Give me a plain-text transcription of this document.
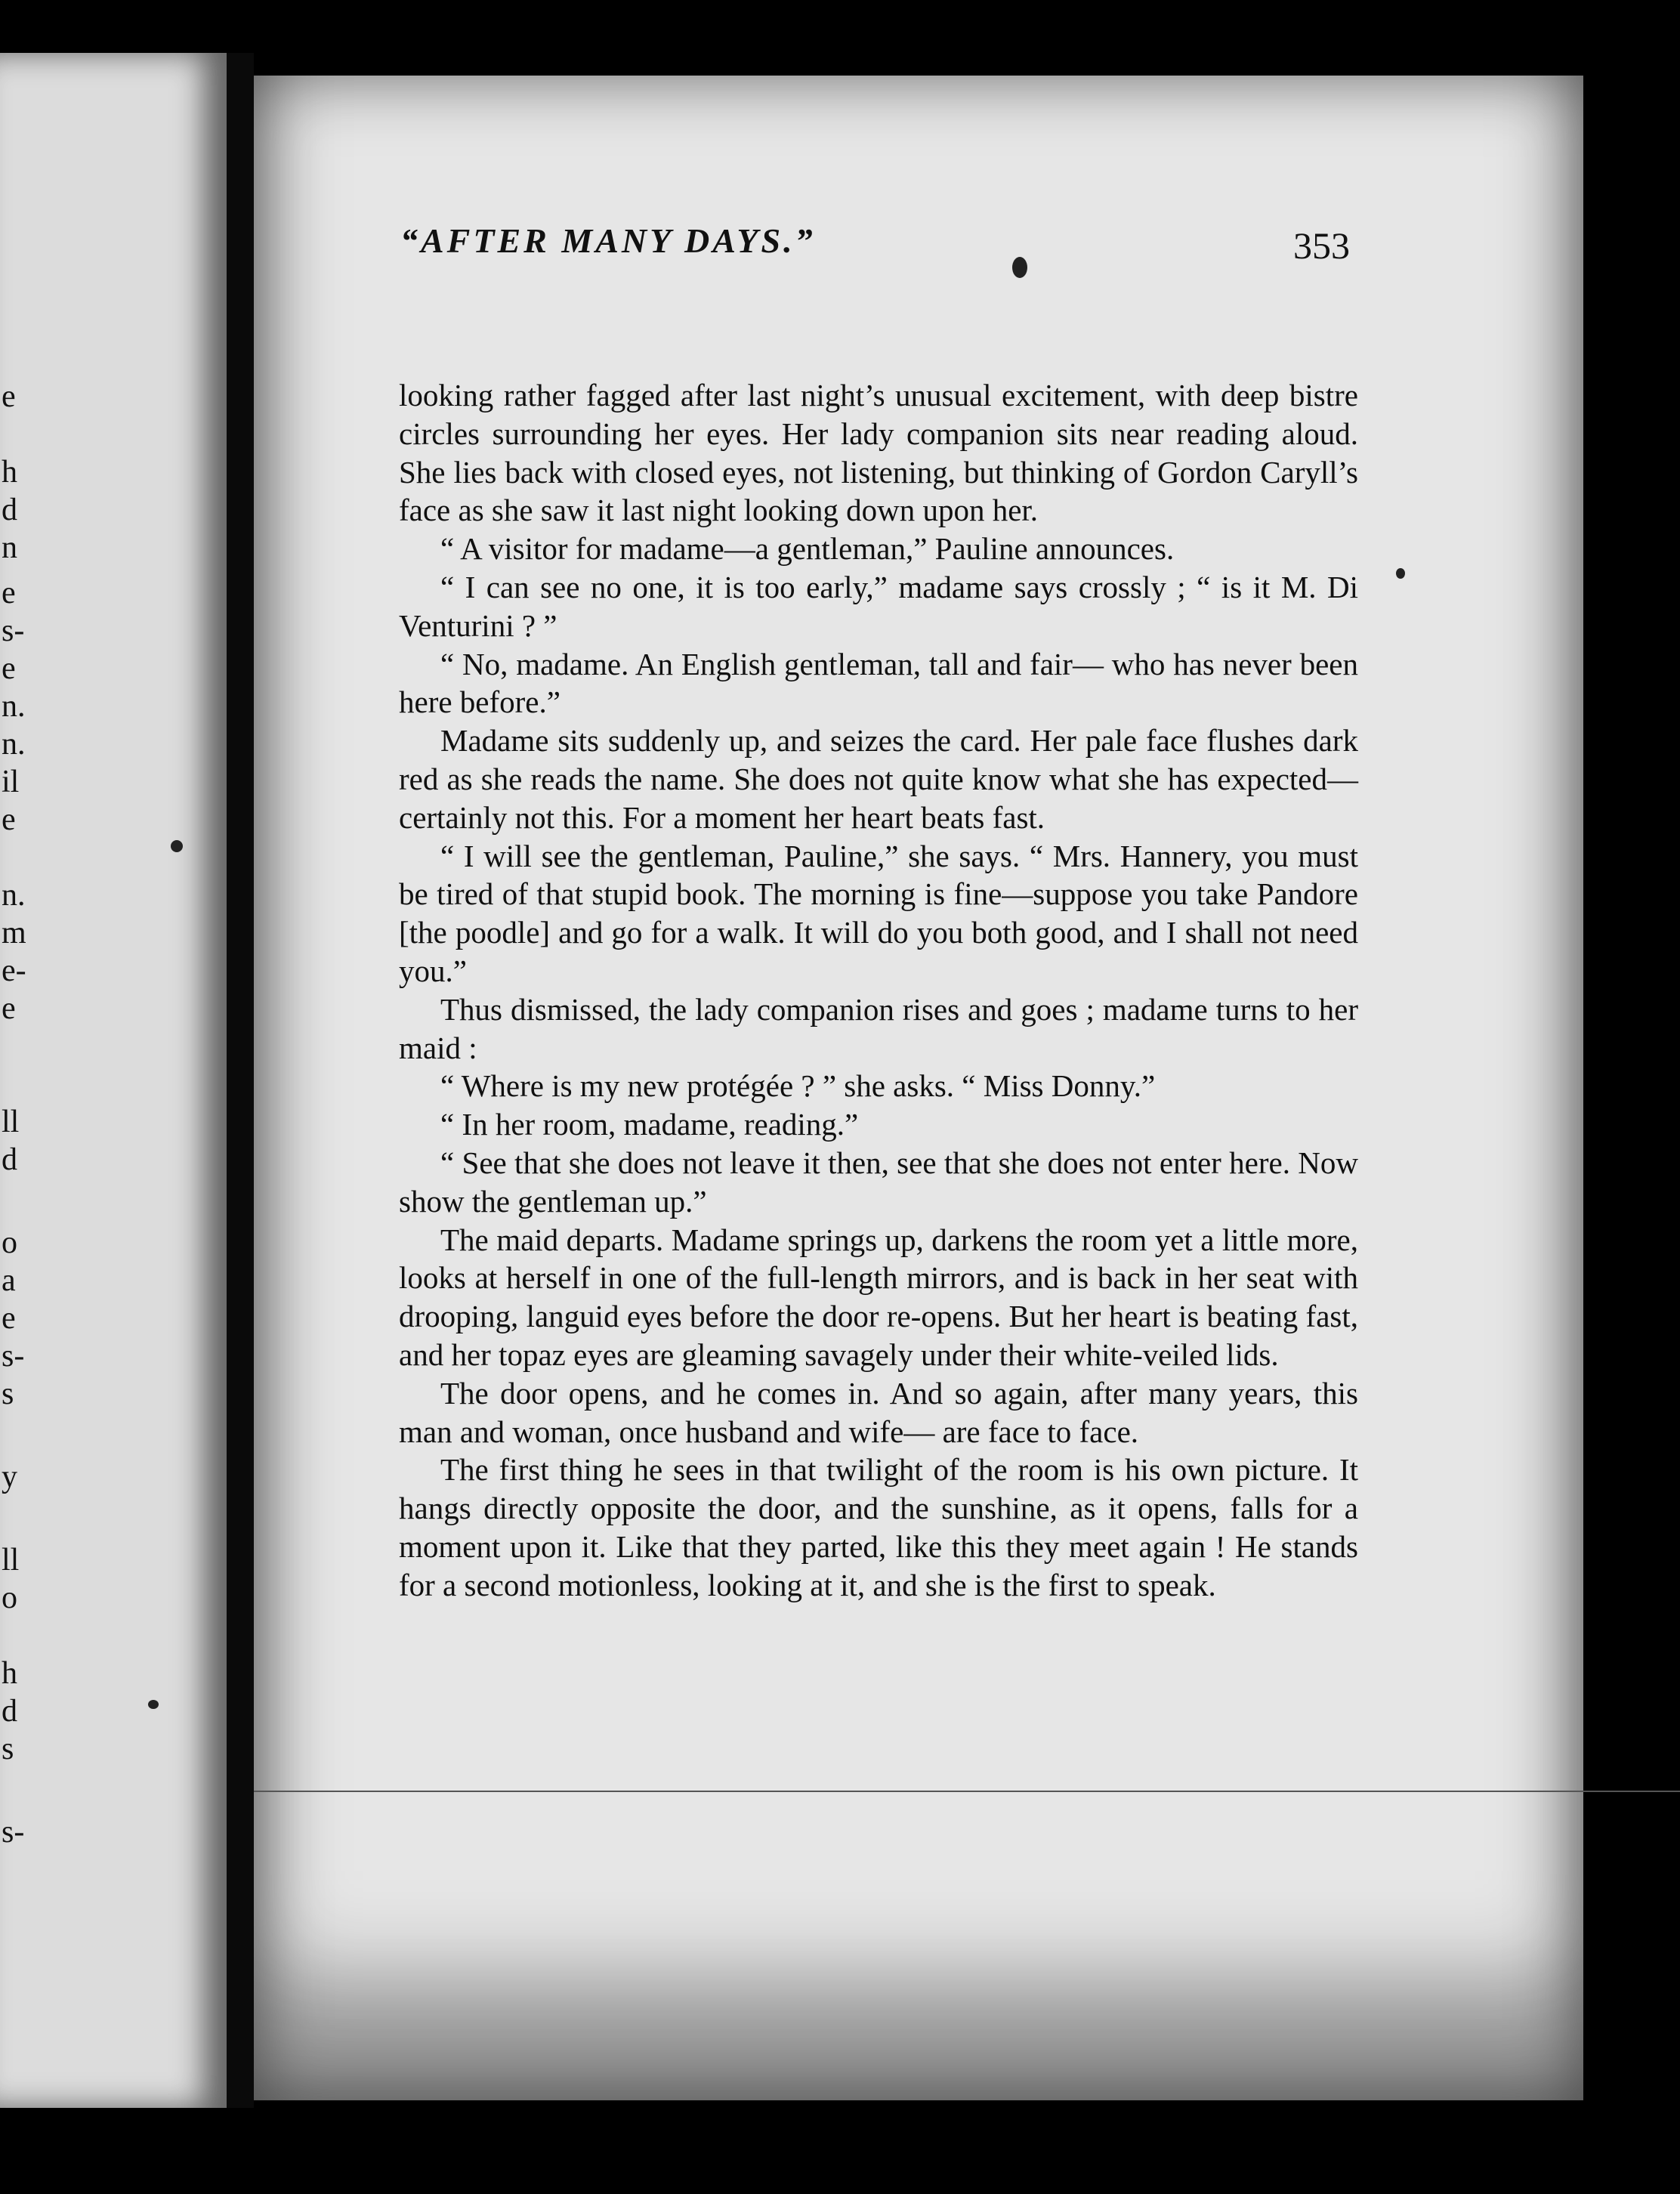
e
h
d
n
e
s-
e
n.
n.
il
e
n.
m
e-
e
ll
d
o
a
e
s-
s
y
ll
o
h
d
s
s-
“AFTER MANY DAYS.”	353

looking rather fagged after last night’s unusual excitement, with deep bistre circles surrounding her eyes. Her lady companion sits near reading aloud. She lies back with closed eyes, not listening, but thinking of Gordon Caryll’s face as she saw it last night looking down upon her.

“ A visitor for madame—a gentleman,” Pauline announces.

“ I can see no one, it is too early,” madame says crossly ; “ is it M. Di Venturini ? ”

“ No, madame. An English gentleman, tall and fair— who has never been here before.”

Madame sits suddenly up, and seizes the card. Her pale face flushes dark red as she reads the name. She does not quite know what she has expected—certainly not this. For a moment her heart beats fast.

“ I will see the gentleman, Pauline,” she says. “ Mrs. Hannery, you must be tired of that stupid book. The morning is fine—suppose you take Pandore [the poodle] and go for a walk. It will do you both good, and I shall not need you.”

Thus dismissed, the lady companion rises and goes ; madame turns to her maid :

“ Where is my new protégée ? ” she asks. “ Miss Donny.”

“ In her room, madame, reading.”

“ See that she does not leave it then, see that she does not enter here. Now show the gentleman up.”

The maid departs. Madame springs up, darkens the room yet a little more, looks at herself in one of the full-length mirrors, and is back in her seat with drooping, languid eyes before the door re-opens. But her heart is beating fast, and her topaz eyes are gleaming savagely under their white-veiled lids.

The door opens, and he comes in. And so again, after many years, this man and woman, once husband and wife— are face to face.

The first thing he sees in that twilight of the room is his own picture. It hangs directly opposite the door, and the sunshine, as it opens, falls for a moment upon it. Like that they parted, like this they meet again ! He stands for a second motionless, looking at it, and she is the first to speak.
